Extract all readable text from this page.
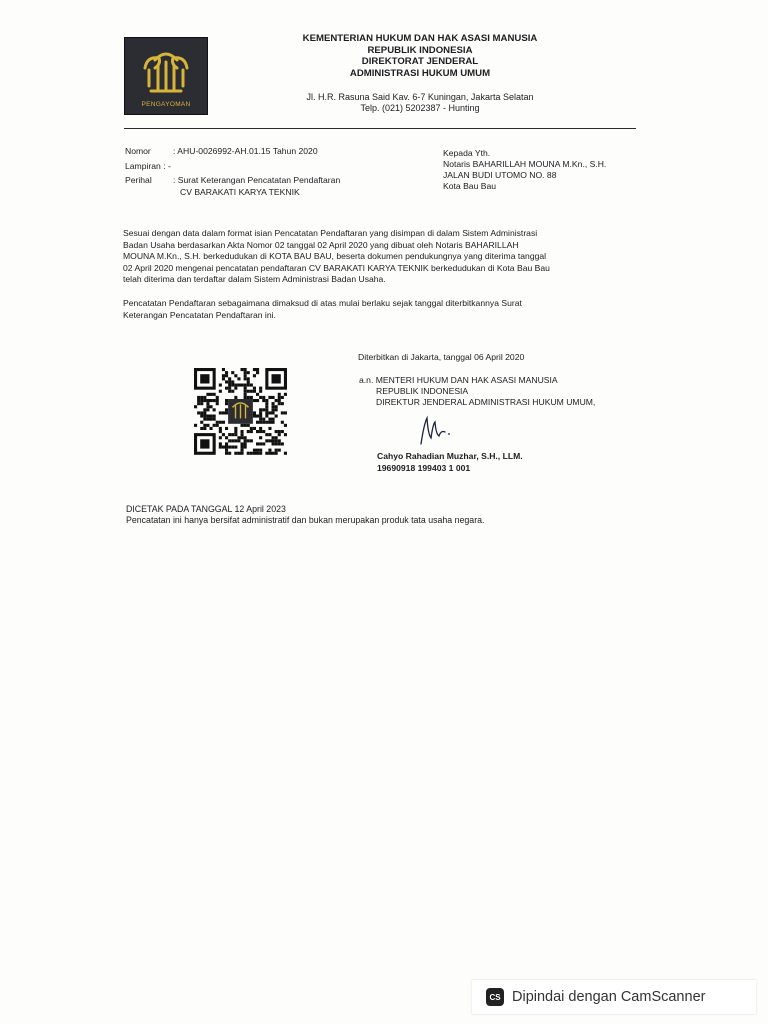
PENGAYOMAN
KEMENTERIAN HUKUM DAN HAK ASASI MANUSIA
REPUBLIK INDONESIA
DIREKTORAT JENDERAL
ADMINISTRASI HUKUM UMUM
Jl. H.R. Rasuna Said Kav. 6-7 Kuningan, Jakarta Selatan
Telp. (021) 5202387 - Hunting
Nomor	: AHU-0026992-AH.01.15 Tahun 2020
Lampiran : -
Perihal : Surat Keterangan Pencatatan Pendaftaran
CV BARAKATI KARYA TEKNIK
Kepada Yth.
Notaris BAHARILLAH MOUNA M.Kn., S.H.
JALAN BUDI UTOMO NO. 88
Kota Bau Bau
Sesuai dengan data dalam format isian Pencatatan Pendaftaran yang disimpan di dalam Sistem Administrasi
Badan Usaha berdasarkan Akta Nomor 02 tanggal 02 April 2020 yang dibuat oleh Notaris BAHARILLAH
MOUNA M.Kn., S.H. berkedudukan di KOTA BAU BAU, beserta dokumen pendukungnya yang diterima tanggal
02 April 2020 mengenai pencatatan pendaftaran CV BARAKATI KARYA TEKNIK berkedudukan di Kota Bau Bau
telah diterima dan terdaftar dalam Sistem Administrasi Badan Usaha.
Pencatatan Pendaftaran sebagaimana dimaksud di atas mulai berlaku sejak tanggal diterbitkannya Surat
Keterangan Pencatatan Pendaftaran ini.
Diterbitkan di Jakarta, tanggal 06 April 2020
a.n. MENTERI HUKUM DAN HAK ASASI MANUSIA
REPUBLIK INDONESIA
DIREKTUR JENDERAL ADMINISTRASI HUKUM UMUM,
Cahyo Rahadian Muzhar, S.H., LLM.
19690918 199403 1 001
DICETAK PADA TANGGAL 12 April 2023
Pencatatan ini hanya bersifat administratif dan bukan merupakan produk tata usaha negara.
CS Dipindai dengan CamScanner
